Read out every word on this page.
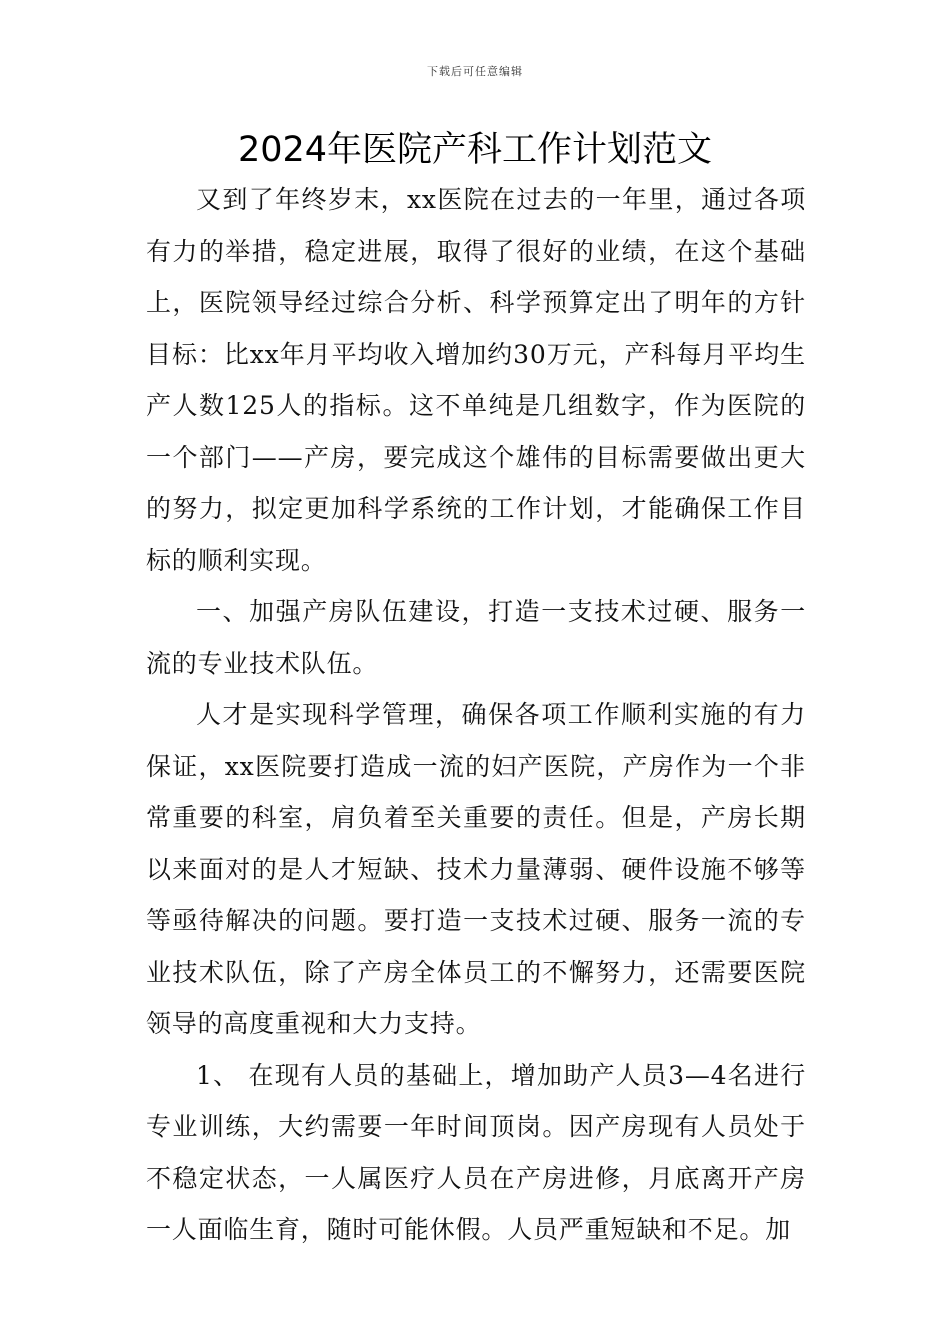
下载后可任意编辑
2024年医院产科工作计划范文

又到了年终岁末，xx医院在过去的一年里，通过各项有力的举措，稳定进展，取得了很好的业绩，在这个基础上，医院领导经过综合分析、科学预算定出了明年的方针目标：比xx年月平均收入增加约30万元，产科每月平均生产人数125人的指标。这不单纯是几组数字，作为医院的一个部门——产房，要完成这个雄伟的目标需要做出更大的努力，拟定更加科学系统的工作计划，才能确保工作目标的顺利实现。

一、加强产房队伍建设，打造一支技术过硬、服务一流的专业技术队伍。

人才是实现科学管理，确保各项工作顺利实施的有力保证，xx医院要打造成一流的妇产医院，产房作为一个非常重要的科室，肩负着至关重要的责任。但是，产房长期以来面对的是人才短缺、技术力量薄弱、硬件设施不够等等亟待解决的问题。要打造一支技术过硬、服务一流的专业技术队伍，除了产房全体员工的不懈努力，还需要医院领导的高度重视和大力支持。

1、 在现有人员的基础上，增加助产人员3—4名进行专业训练，大约需要一年时间顶岗。因产房现有人员处于不稳定状态，一人属医疗人员在产房进修，月底离开产房一人面临生育，随时可能休假。人员严重短缺和不足。加
